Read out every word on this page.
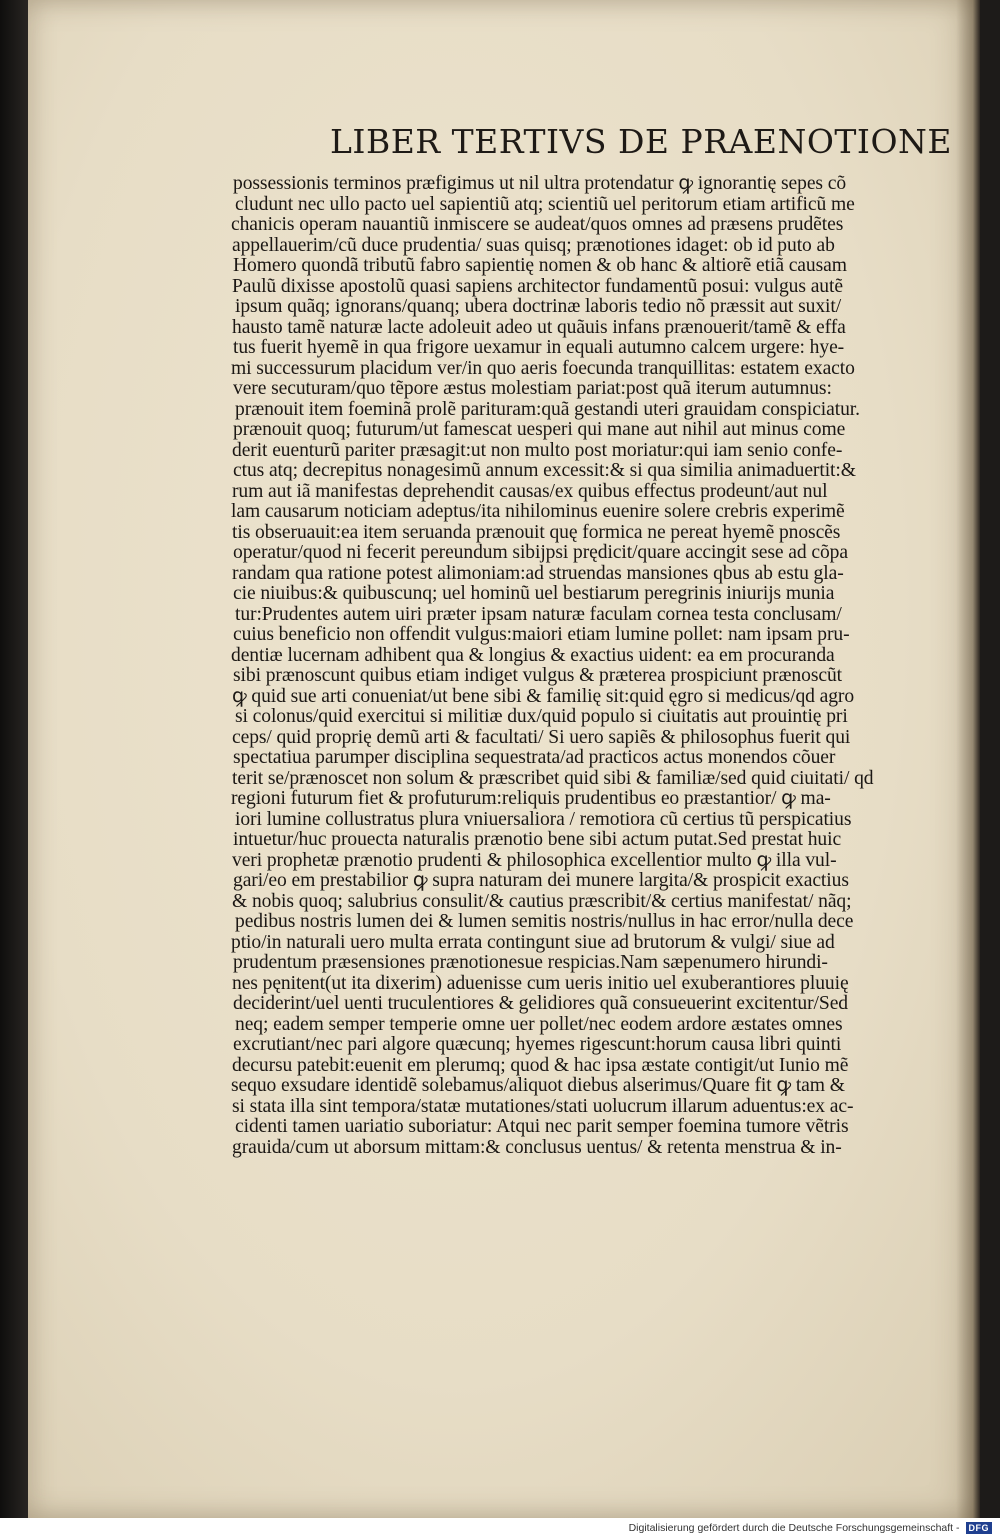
LIBER TERTIVS DE PRAENOTIONE
possessionis terminos præfigimus ut nil ultra protendatur ꝙ ignorantię sepes cõ
cludunt nec ullo pacto uel sapientiũ atq; scientiũ uel peritorum etiam artificũ me
chanicis operam nauantiũ inmiscere se audeat/quos omnes ad præsens prudẽtes
appellauerim/cũ duce prudentia/ suas quisq; prænotiones idaget: ob id puto ab
Homero quondã tributũ fabro sapientię nomen & ob hanc & altiorẽ etiã causam
Paulũ dixisse apostolũ quasi sapiens architector fundamentũ posui: vulgus autẽ
ipsum quãq; ignorans/quanq; ubera doctrinæ laboris tedio nõ præssit aut suxit/
hausto tamẽ naturæ lacte adoleuit adeo ut quãuis infans prænouerit/tamẽ & effa
tus fuerit hyemẽ in qua frigore uexamur in equali autumno calcem urgere: hye-
mi successurum placidum ver/in quo aeris foecunda tranquillitas: estatem exacto
vere secuturam/quo tẽpore æstus molestiam pariat:post quã iterum autumnus:
prænouit item foeminã prolẽ parituram:quã gestandi uteri grauidam conspiciatur.
prænouit quoq; futurum/ut famescat uesperi qui mane aut nihil aut minus come
derit euenturũ pariter præsagit:ut non multo post moriatur:qui iam senio confe-
ctus atq; decrepitus nonagesimũ annum excessit:& si qua similia animaduertit:&
rum aut iã manifestas deprehendit causas/ex quibus effectus prodeunt/aut nul
lam causarum noticiam adeptus/ita nihilominus euenire solere crebris experimẽ
tis obseruauit:ea item seruanda prænouit quę formica ne pereat hyemẽ pnoscẽs
operatur/quod ni fecerit pereundum sibijpsi prędicit/quare accingit sese ad cõpa
randam qua ratione potest alimoniam:ad struendas mansiones qbus ab estu gla-
cie niuibus:& quibuscunq; uel hominũ uel bestiarum peregrinis iniurijs munia
tur:Prudentes autem uiri præter ipsam naturæ faculam cornea testa conclusam/
cuius beneficio non offendit vulgus:maiori etiam lumine pollet: nam ipsam pru-
dentiæ lucernam adhibent qua & longius & exactius uident: ea em procuranda
sibi prænoscunt quibus etiam indiget vulgus & præterea prospiciunt prænoscũt
ꝙ quid sue arti conueniat/ut bene sibi & familię sit:quid ęgro si medicus/qd agro
si colonus/quid exercitui si militiæ dux/quid populo si ciuitatis aut prouintię pri
ceps/ quid proprię demũ arti & facultati/ Si uero sapiẽs & philosophus fuerit qui
spectatiua parumper disciplina sequestrata/ad practicos actus monendos cõuer
terit se/prænoscet non solum & præscribet quid sibi & familiæ/sed quid ciuitati/ qd
regioni futurum fiet & profuturum:reliquis prudentibus eo præstantior/ ꝙ ma-
iori lumine collustratus plura vniuersaliora / remotiora cũ certius tũ perspicatius
intuetur/huc prouecta naturalis prænotio bene sibi actum putat.Sed prestat huic
veri prophetæ prænotio prudenti & philosophica excellentior multo ꝙ illa vul-
gari/eo em prestabilior ꝙ supra naturam dei munere largita/& prospicit exactius
& nobis quoq; salubrius consulit/& cautius præscribit/& certius manifestat/ nãq;
pedibus nostris lumen dei & lumen semitis nostris/nullus in hac error/nulla dece
ptio/in naturali uero multa errata contingunt siue ad brutorum & vulgi/ siue ad
prudentum præsensiones prænotionesue respicias.Nam sæpenumero hirundi-
nes pęnitent(ut ita dixerim) aduenisse cum ueris initio uel exuberantiores pluuię
deciderint/uel uenti truculentiores & gelidiores quã consueuerint excitentur/Sed
neq; eadem semper temperie omne uer pollet/nec eodem ardore æstates omnes
excrutiant/nec pari algore quæcunq; hyemes rigescunt:horum causa libri quinti
decursu patebit:euenit em plerumq; quod & hac ipsa æstate contigit/ut Iunio mẽ
sequo exsudare identidẽ solebamus/aliquot diebus alserimus/Quare fit ꝙ tam &
si stata illa sint tempora/statæ mutationes/stati uolucrum illarum aduentus:ex ac-
cidenti tamen uariatio suboriatur: Atqui nec parit semper foemina tumore vẽtris
grauida/cum ut aborsum mittam:& conclusus uentus/ & retenta menstrua & in-
Digitalisierung gefördert durch die Deutsche Forschungsgemeinschaft -	DFG
